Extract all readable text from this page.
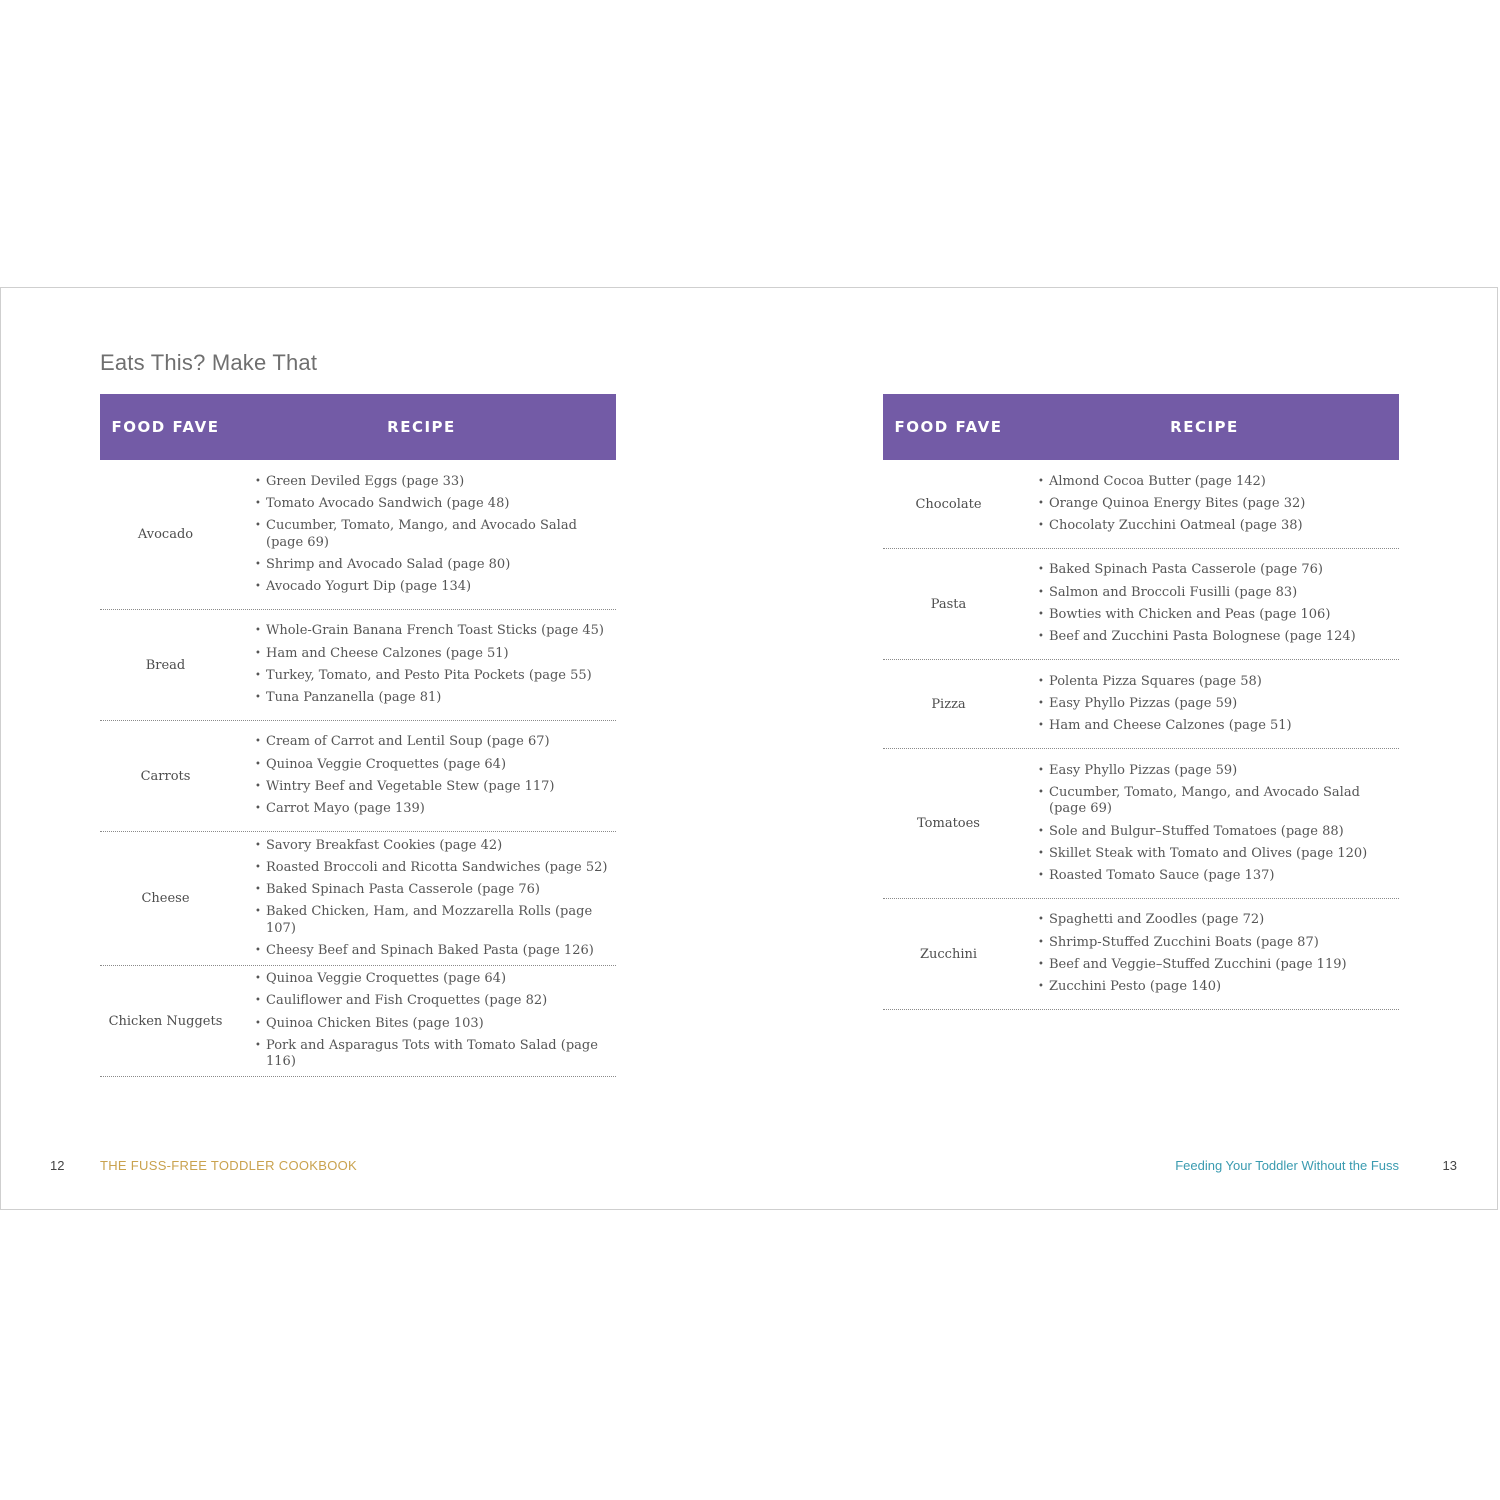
Eats This? Make That
FOOD FAVE	RECIPE
Avocado
• Green Deviled Eggs (page 33)
• Tomato Avocado Sandwich (page 48)
• Cucumber, Tomato, Mango, and Avocado Salad (page 69)
• Shrimp and Avocado Salad (page 80)
• Avocado Yogurt Dip (page 134)
Bread
• Whole-Grain Banana French Toast Sticks (page 45)
• Ham and Cheese Calzones (page 51)
• Turkey, Tomato, and Pesto Pita Pockets (page 55)
• Tuna Panzanella (page 81)
Carrots
• Cream of Carrot and Lentil Soup (page 67)
• Quinoa Veggie Croquettes (page 64)
• Wintry Beef and Vegetable Stew (page 117)
• Carrot Mayo (page 139)
Cheese
• Savory Breakfast Cookies (page 42)
• Roasted Broccoli and Ricotta Sandwiches (page 52)
• Baked Spinach Pasta Casserole (page 76)
• Baked Chicken, Ham, and Mozzarella Rolls (page 107)
• Cheesy Beef and Spinach Baked Pasta (page 126)
Chicken Nuggets
• Quinoa Veggie Croquettes (page 64)
• Cauliflower and Fish Croquettes (page 82)
• Quinoa Chicken Bites (page 103)
• Pork and Asparagus Tots with Tomato Salad (page 116)
12	THE FUSS-FREE TODDLER COOKBOOK
FOOD FAVE	RECIPE
Chocolate
• Almond Cocoa Butter (page 142)
• Orange Quinoa Energy Bites (page 32)
• Chocolaty Zucchini Oatmeal (page 38)
Pasta
• Baked Spinach Pasta Casserole (page 76)
• Salmon and Broccoli Fusilli (page 83)
• Bowties with Chicken and Peas (page 106)
• Beef and Zucchini Pasta Bolognese (page 124)
Pizza
• Polenta Pizza Squares (page 58)
• Easy Phyllo Pizzas (page 59)
• Ham and Cheese Calzones (page 51)
Tomatoes
• Easy Phyllo Pizzas (page 59)
• Cucumber, Tomato, Mango, and Avocado Salad (page 69)
• Sole and Bulgur–Stuffed Tomatoes (page 88)
• Skillet Steak with Tomato and Olives (page 120)
• Roasted Tomato Sauce (page 137)
Zucchini
• Spaghetti and Zoodles (page 72)
• Shrimp-Stuffed Zucchini Boats (page 87)
• Beef and Veggie–Stuffed Zucchini (page 119)
• Zucchini Pesto (page 140)
Feeding Your Toddler Without the Fuss	13
